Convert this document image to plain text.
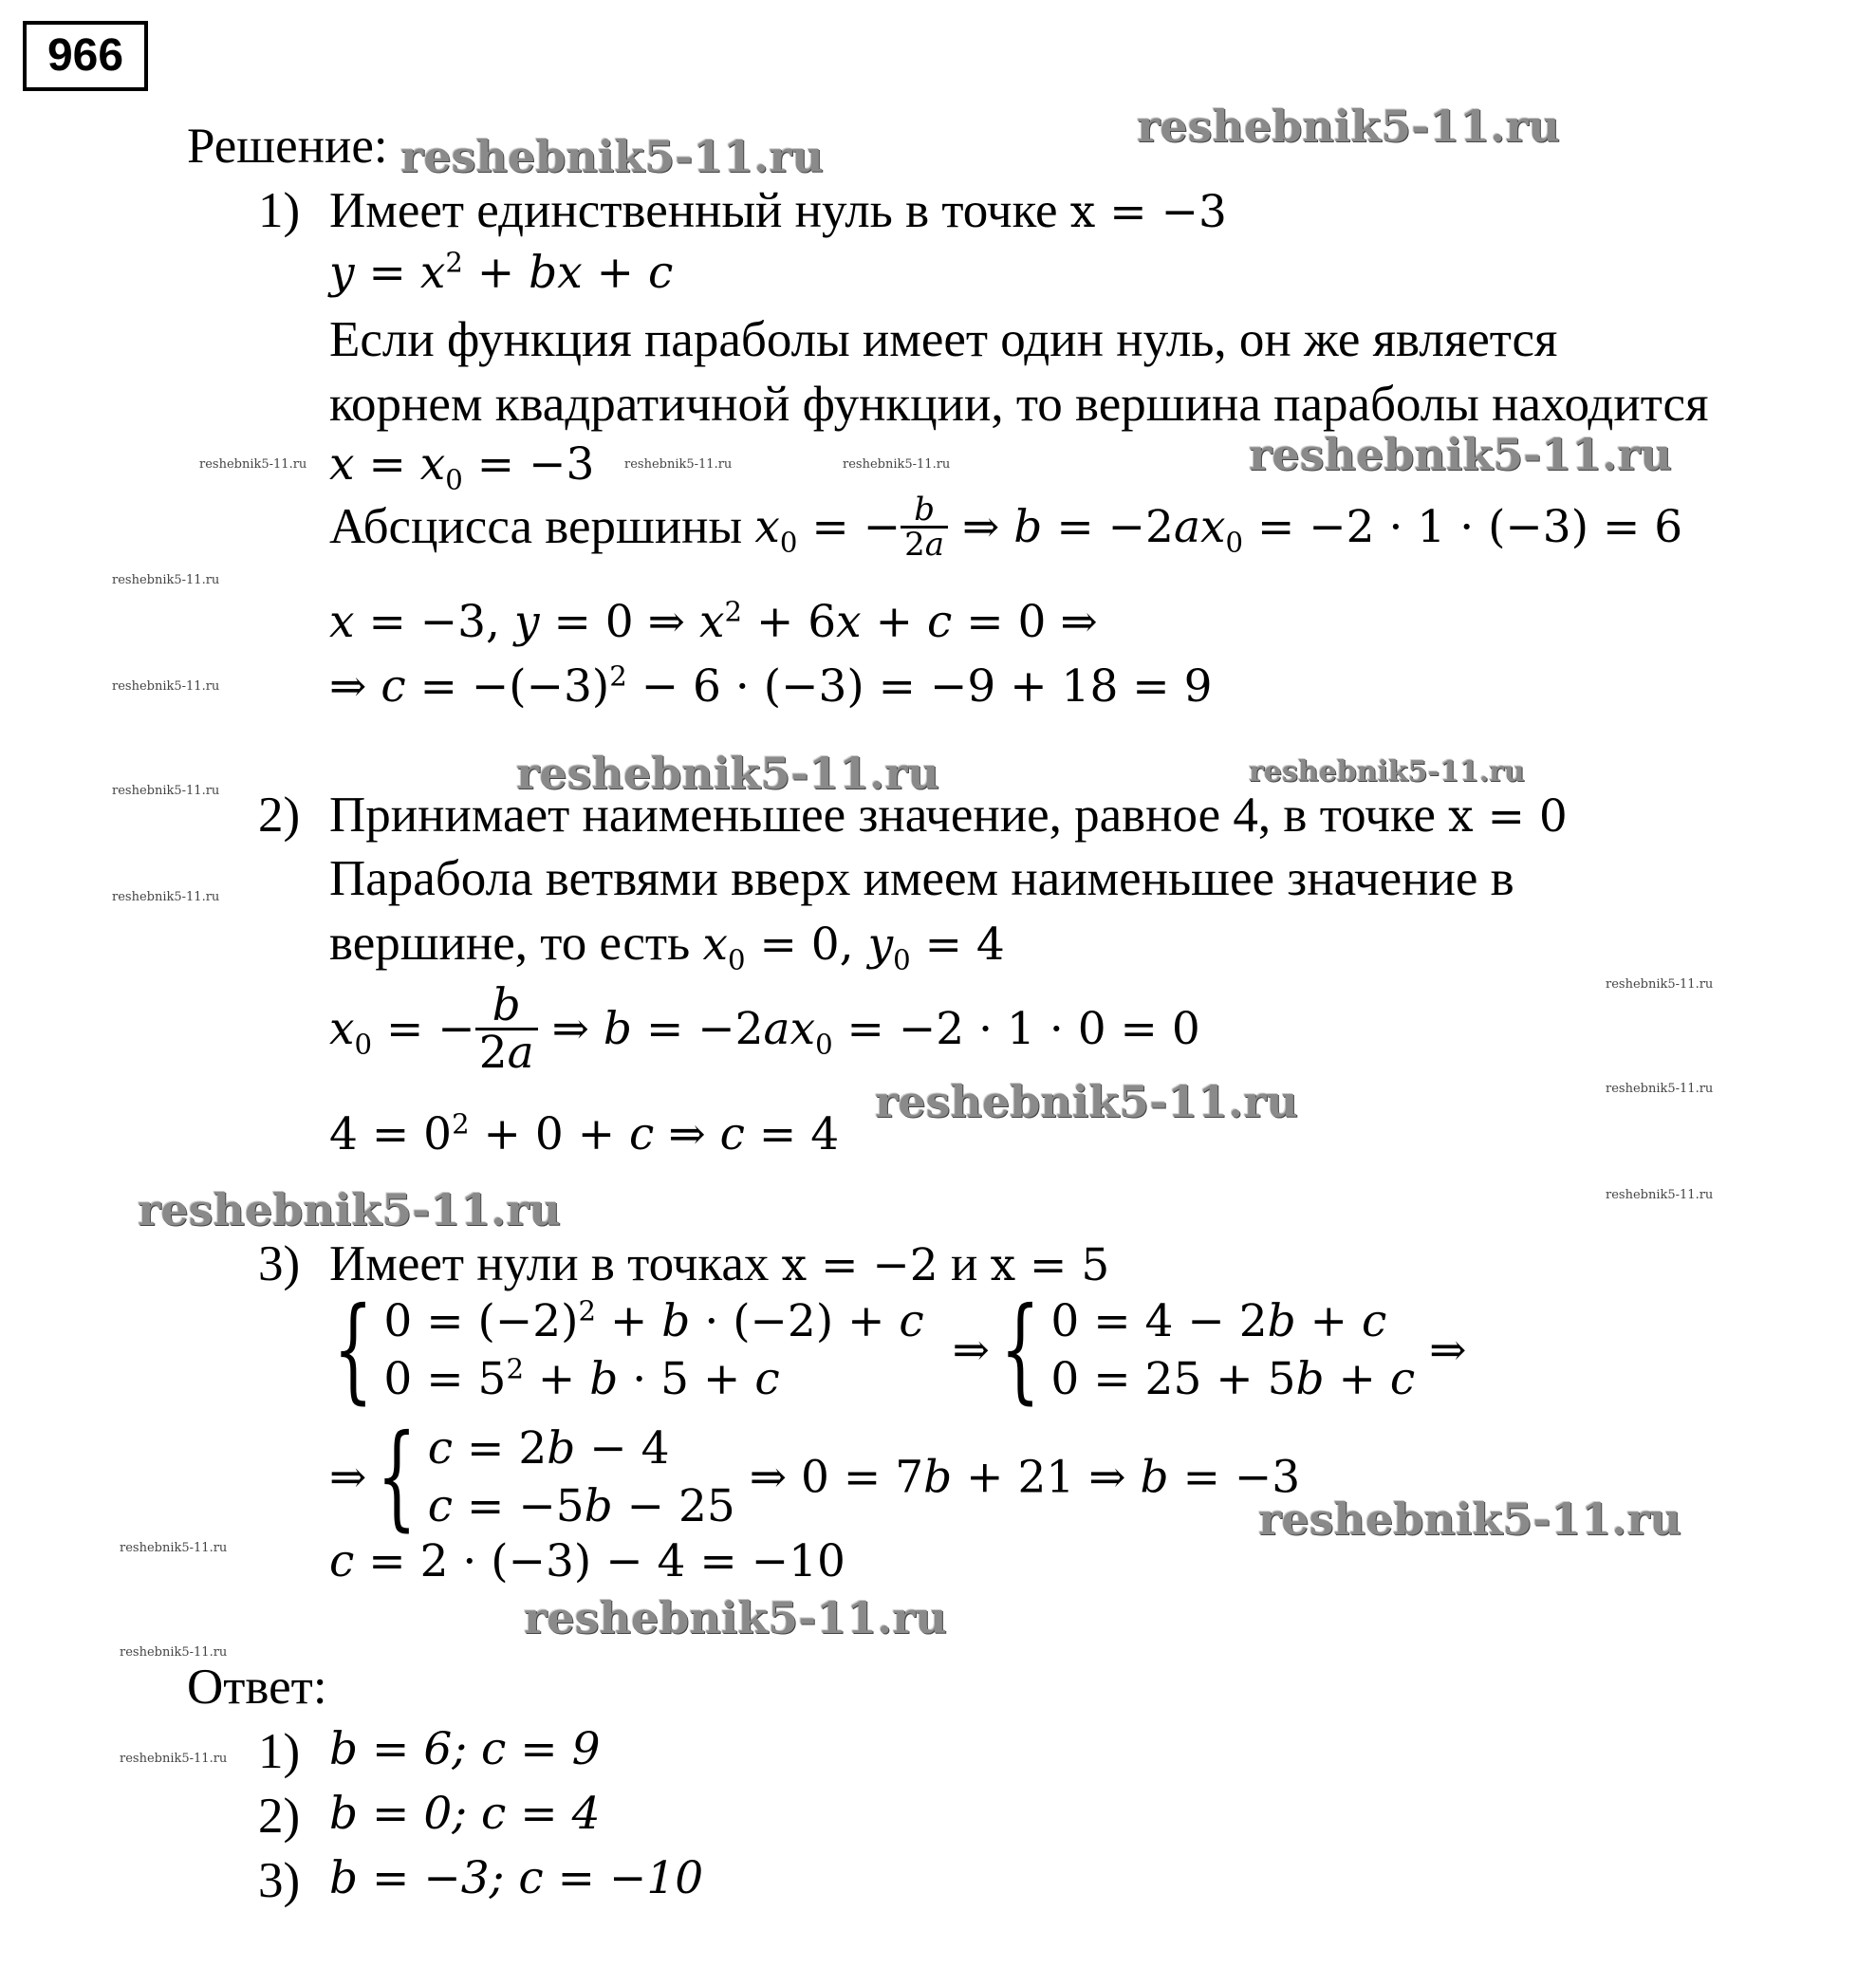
966
Решение:
1) Имеет единственный нуль в точке x = −3
$y = x^2$ + bx + c
Если функция параболы имеет один нуль, он же является
корнем квадратичной функции, то вершина параболы находится
$x = x_0 = -3$
Абсцисса вершины $x_0$ = − $\frac{b}{2a}$ ⇒ $b = -2ax_0 = -2 \cdot 1 \cdot (-3) = 6$
x = −3, y = 0 ⇒ $x^2 + 6x + c = 0$ ⇒
⇒ $c = -(-3)^2 - 6 \cdot (-3) = -9 + 18 = 9$
2) Принимает наименьшее значение, равное 4, в точке x = 0
Парабола ветвями вверх имеем наименьшее значение в
вершине, то есть $x_0 = 0$, $y_0 = 4$
$x_0$ = − $\frac{b}{2a}$ ⇒ $b = -2ax_0 = -2 \cdot 1 \cdot 0 = 0$
$4 = 0^2 + 0 + c$ ⇒ c = 4
3) Имеет нули в точках x = −2 и x = 5
{ $0 = (-2)^2 + b \cdot (-2) + c$
$0 = 5^2 + b \cdot 5 + c$
⇒{ 0 = 4 − 2b + c
0 = 25 + 5b + c
⇒
⇒{ c = 2b − 4
c = −5b − 25
⇒ 0 = 7b + 21 ⇒ b = −3
c = 2 · (−3) − 4 = −10
Ответ:
1) b = 6; c = 9
2) b = 0; c = 4
3) b = −3; c = −10
reshebnik5-11.ru
reshebnik5-11.ru
reshebnik5-11.ru
reshebnik5-11.ru	reshebnik5-11.ru
reshebnik5-11.ru
reshebnik5-11.ru
reshebnik5-11.ru
reshebnik5-11.ru
reshebnik5-11.ru	reshebnik5-11.ru	reshebnik5-11.ru
reshebnik5-11.ru
reshebnik5-11.ru
reshebnik5-11.ru
reshebnik5-11.ru
reshebnik5-11.ru
reshebnik5-11.ru
reshebnik5-11.ru
reshebnik5-11.ru
reshebnik5-11.ru
reshebnik5-11.ru
